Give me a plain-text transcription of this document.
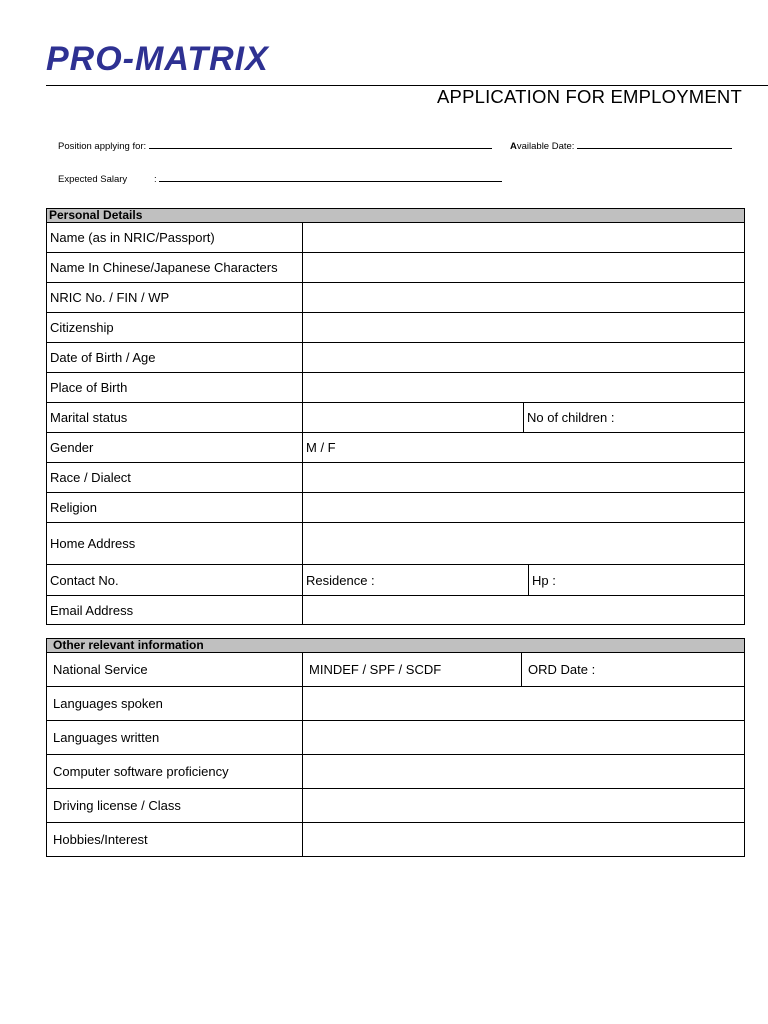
PRO-MATRIX
APPLICATION FOR EMPLOYMENT
Position applying for:	Available Date:
Expected Salary	:
Personal Details			
Name (as in NRIC/Passport)			
Name In Chinese/Japanese Characters			
NRIC No. / FIN / WP			
Citizenship			
Date of Birth / Age			
Place of Birth			
Marital status		No of children :	
Gender	M / F		
Race / Dialect			
Religion			
Home Address			
Contact No.	Residence :		Hp :
Email Address			
Other relevant information		
National Service	MINDEF / SPF / SCDF	ORD Date :
Languages spoken		
Languages written		
Computer software proficiency		
Driving license / Class		
Hobbies/Interest		
